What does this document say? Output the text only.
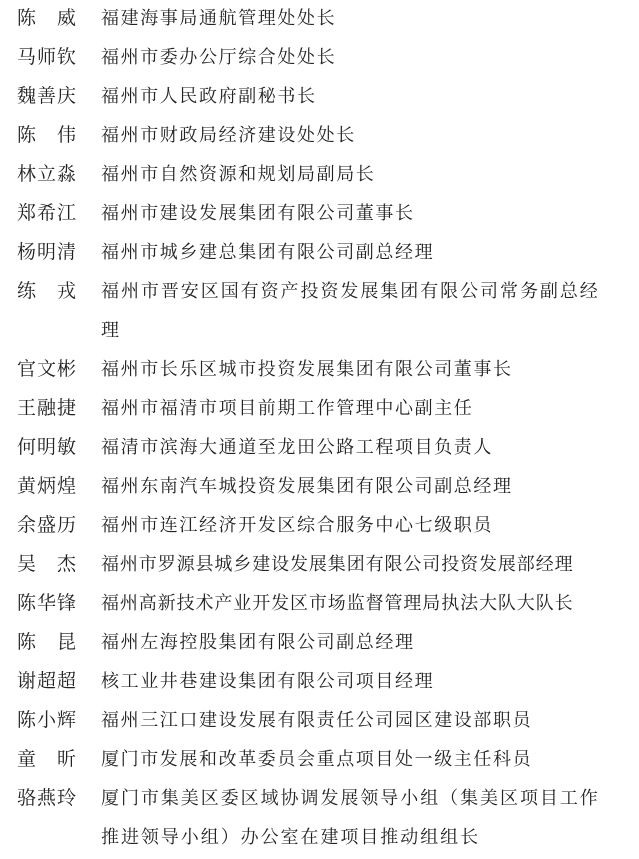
陈　威	福建海事局通航管理处处长
马师钦	福州市委办公厅综合处处长
魏善庆	福州市人民政府副秘书长
陈　伟	福州市财政局经济建设处处长
林立淼	福州市自然资源和规划局副局长
郑希江	福州市建设发展集团有限公司董事长
杨明清	福州市城乡建总集团有限公司副总经理
练　戎	福州市晋安区国有资产投资发展集团有限公司常务副总经理
官文彬	福州市长乐区城市投资发展集团有限公司董事长
王融捷	福州市福清市项目前期工作管理中心副主任
何明敏	福清市滨海大通道至龙田公路工程项目负责人
黄炳煌	福州东南汽车城投资发展集团有限公司副总经理
余盛历	福州市连江经济开发区综合服务中心七级职员
吴　杰	福州市罗源县城乡建设发展集团有限公司投资发展部经理
陈华锋	福州高新技术产业开发区市场监督管理局执法大队大队长
陈　昆	福州左海控股集团有限公司副总经理
谢超超	核工业井巷建设集团有限公司项目经理
陈小辉	福州三江口建设发展有限责任公司园区建设部职员
童　昕	厦门市发展和改革委员会重点项目处一级主任科员
骆燕玲	厦门市集美区委区域协调发展领导小组（集美区项目工作推进领导小组）办公室在建项目推动组组长
